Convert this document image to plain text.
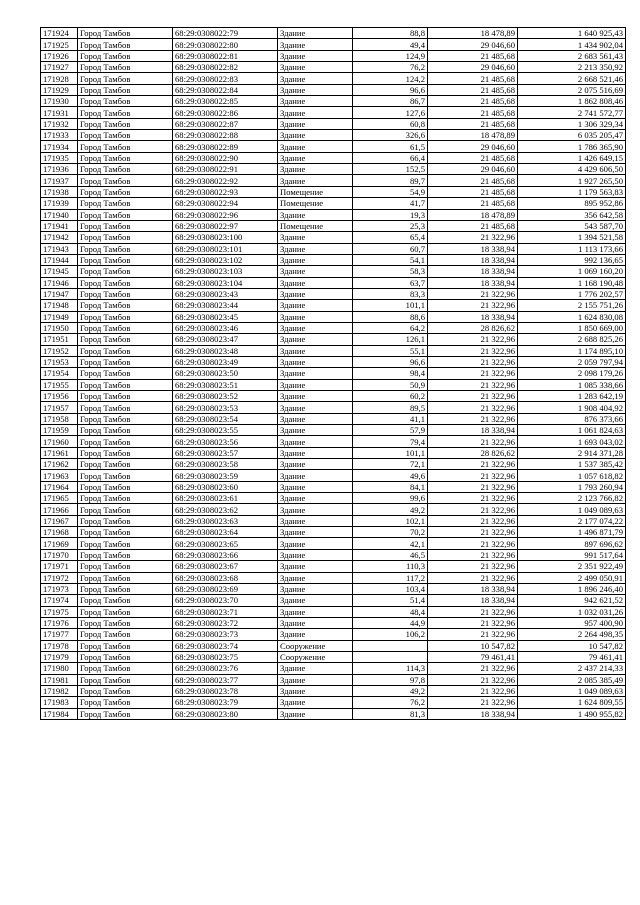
171924	Город Тамбов	68:29:0308022:79	Здание	88,8	18 478,89	1 640 925,43
171925	Город Тамбов	68:29:0308022:80	Здание	49,4	29 046,60	1 434 902,04
171926	Город Тамбов	68:29:0308022:81	Здание	124,9	21 485,68	2 683 561,43
171927	Город Тамбов	68:29:0308022:82	Здание	76,2	29 046,60	2 213 350,92
171928	Город Тамбов	68:29:0308022:83	Здание	124,2	21 485,68	2 668 521,46
171929	Город Тамбов	68:29:0308022:84	Здание	96,6	21 485,68	2 075 516,69
171930	Город Тамбов	68:29:0308022:85	Здание	86,7	21 485,68	1 862 808,46
171931	Город Тамбов	68:29:0308022:86	Здание	127,6	21 485,68	2 741 572,77
171932	Город Тамбов	68:29:0308022:87	Здание	60,8	21 485,68	1 306 329,34
171933	Город Тамбов	68:29:0308022:88	Здание	326,6	18 478,89	6 035 205,47
171934	Город Тамбов	68:29:0308022:89	Здание	61,5	29 046,60	1 786 365,90
171935	Город Тамбов	68:29:0308022:90	Здание	66,4	21 485,68	1 426 649,15
171936	Город Тамбов	68:29:0308022:91	Здание	152,5	29 046,60	4 429 606,50
171937	Город Тамбов	68:29:0308022:92	Здание	89,7	21 485,68	1 927 265,50
171938	Город Тамбов	68:29:0308022:93	Помещение	54,9	21 485,68	1 179 563,83
171939	Город Тамбов	68:29:0308022:94	Помещение	41,7	21 485,68	895 952,86
171940	Город Тамбов	68:29:0308022:96	Здание	19,3	18 478,89	356 642,58
171941	Город Тамбов	68:29:0308022:97	Помещение	25,3	21 485,68	543 587,70
171942	Город Тамбов	68:29:0308023:100	Здание	65,4	21 322,96	1 394 521,58
171943	Город Тамбов	68:29:0308023:101	Здание	60,7	18 338,94	1 113 173,66
171944	Город Тамбов	68:29:0308023:102	Здание	54,1	18 338,94	992 136,65
171945	Город Тамбов	68:29:0308023:103	Здание	58,3	18 338,94	1 069 160,20
171946	Город Тамбов	68:29:0308023:104	Здание	63,7	18 338,94	1 168 190,48
171947	Город Тамбов	68:29:0308023:43	Здание	83,3	21 322,96	1 776 202,57
171948	Город Тамбов	68:29:0308023:44	Здание	101,1	21 322,96	2 155 751,26
171949	Город Тамбов	68:29:0308023:45	Здание	88,6	18 338,94	1 624 830,08
171950	Город Тамбов	68:29:0308023:46	Здание	64,2	28 826,62	1 850 669,00
171951	Город Тамбов	68:29:0308023:47	Здание	126,1	21 322,96	2 688 825,26
171952	Город Тамбов	68:29:0308023:48	Здание	55,1	21 322,96	1 174 895,10
171953	Город Тамбов	68:29:0308023:49	Здание	96,6	21 322,96	2 059 797,94
171954	Город Тамбов	68:29:0308023:50	Здание	98,4	21 322,96	2 098 179,26
171955	Город Тамбов	68:29:0308023:51	Здание	50,9	21 322,96	1 085 338,66
171956	Город Тамбов	68:29:0308023:52	Здание	60,2	21 322,96	1 283 642,19
171957	Город Тамбов	68:29:0308023:53	Здание	89,5	21 322,96	1 908 404,92
171958	Город Тамбов	68:29:0308023:54	Здание	41,1	21 322,96	876 373,66
171959	Город Тамбов	68:29:0308023:55	Здание	57,9	18 338,94	1 061 824,63
171960	Город Тамбов	68:29:0308023:56	Здание	79,4	21 322,96	1 693 043,02
171961	Город Тамбов	68:29:0308023:57	Здание	101,1	28 826,62	2 914 371,28
171962	Город Тамбов	68:29:0308023:58	Здание	72,1	21 322,96	1 537 385,42
171963	Город Тамбов	68:29:0308023:59	Здание	49,6	21 322,96	1 057 618,82
171964	Город Тамбов	68:29:0308023:60	Здание	84,1	21 322,96	1 793 260,94
171965	Город Тамбов	68:29:0308023:61	Здание	99,6	21 322,96	2 123 766,82
171966	Город Тамбов	68:29:0308023:62	Здание	49,2	21 322,96	1 049 089,63
171967	Город Тамбов	68:29:0308023:63	Здание	102,1	21 322,96	2 177 074,22
171968	Город Тамбов	68:29:0308023:64	Здание	70,2	21 322,96	1 496 871,79
171969	Город Тамбов	68:29:0308023:65	Здание	42,1	21 322,96	897 696,62
171970	Город Тамбов	68:29:0308023:66	Здание	46,5	21 322,96	991 517,64
171971	Город Тамбов	68:29:0308023:67	Здание	110,3	21 322,96	2 351 922,49
171972	Город Тамбов	68:29:0308023:68	Здание	117,2	21 322,96	2 499 050,91
171973	Город Тамбов	68:29:0308023:69	Здание	103,4	18 338,94	1 896 246,40
171974	Город Тамбов	68:29:0308023:70	Здание	51,4	18 338,94	942 621,52
171975	Город Тамбов	68:29:0308023:71	Здание	48,4	21 322,96	1 032 031,26
171976	Город Тамбов	68:29:0308023:72	Здание	44,9	21 322,96	957 400,90
171977	Город Тамбов	68:29:0308023:73	Здание	106,2	21 322,96	2 264 498,35
171978	Город Тамбов	68:29:0308023:74	Сооружение		10 547,82	10 547,82
171979	Город Тамбов	68:29:0308023:75	Сооружение		79 461,41	79 461,41
171980	Город Тамбов	68:29:0308023:76	Здание	114,3	21 322,96	2 437 214,33
171981	Город Тамбов	68:29:0308023:77	Здание	97,8	21 322,96	2 085 385,49
171982	Город Тамбов	68:29:0308023:78	Здание	49,2	21 322,96	1 049 089,63
171983	Город Тамбов	68:29:0308023:79	Здание	76,2	21 322,96	1 624 809,55
171984	Город Тамбов	68:29:0308023:80	Здание	81,3	18 338,94	1 490 955,82
